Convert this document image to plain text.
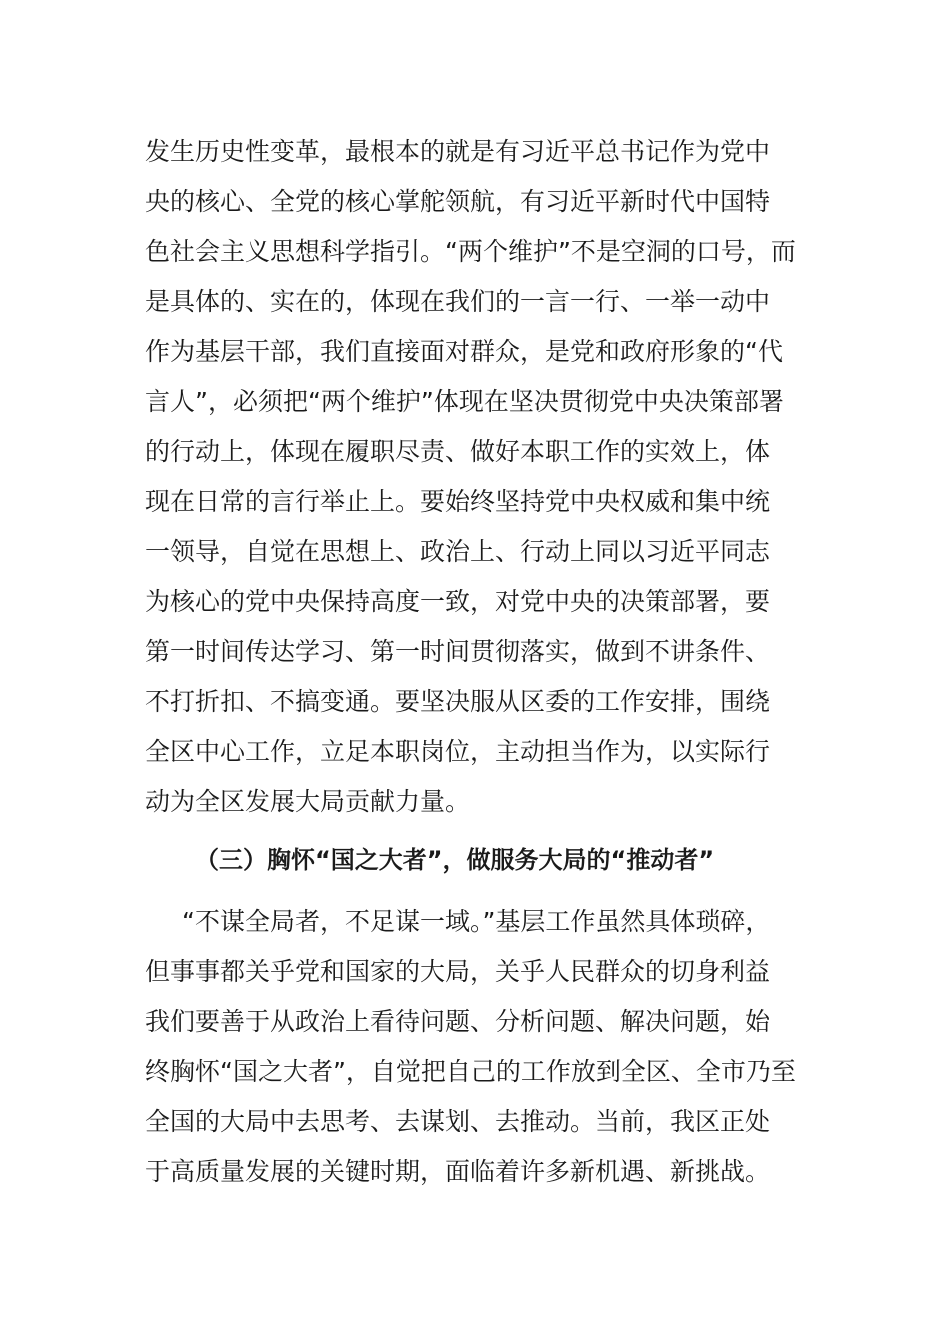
发生历史性变革，最根本的就是有习近平总书记作为党中
央的核心、全党的核心掌舵领航，有习近平新时代中国特
色社会主义思想科学指引。“两个维护”不是空洞的口号，而
是具体的、实在的，体现在我们的一言一行、一举一动中
作为基层干部，我们直接面对群众，是党和政府形象的“代
言人”，必须把“两个维护”体现在坚决贯彻党中央决策部署
的行动上，体现在履职尽责、做好本职工作的实效上，体
现在日常的言行举止上。要始终坚持党中央权威和集中统
一领导，自觉在思想上、政治上、行动上同以习近平同志
为核心的党中央保持高度一致，对党中央的决策部署，要
第一时间传达学习、第一时间贯彻落实，做到不讲条件、
不打折扣、不搞变通。要坚决服从区委的工作安排，围绕
全区中心工作，立足本职岗位，主动担当作为，以实际行
动为全区发展大局贡献力量。
（三）胸怀“国之大者”，做服务大局的“推动者”
“不谋全局者，不足谋一域。”基层工作虽然具体琐碎，
但事事都关乎党和国家的大局，关乎人民群众的切身利益
我们要善于从政治上看待问题、分析问题、解决问题，始
终胸怀“国之大者”，自觉把自己的工作放到全区、全市乃至
全国的大局中去思考、去谋划、去推动。当前，我区正处
于高质量发展的关键时期，面临着许多新机遇、新挑战。
